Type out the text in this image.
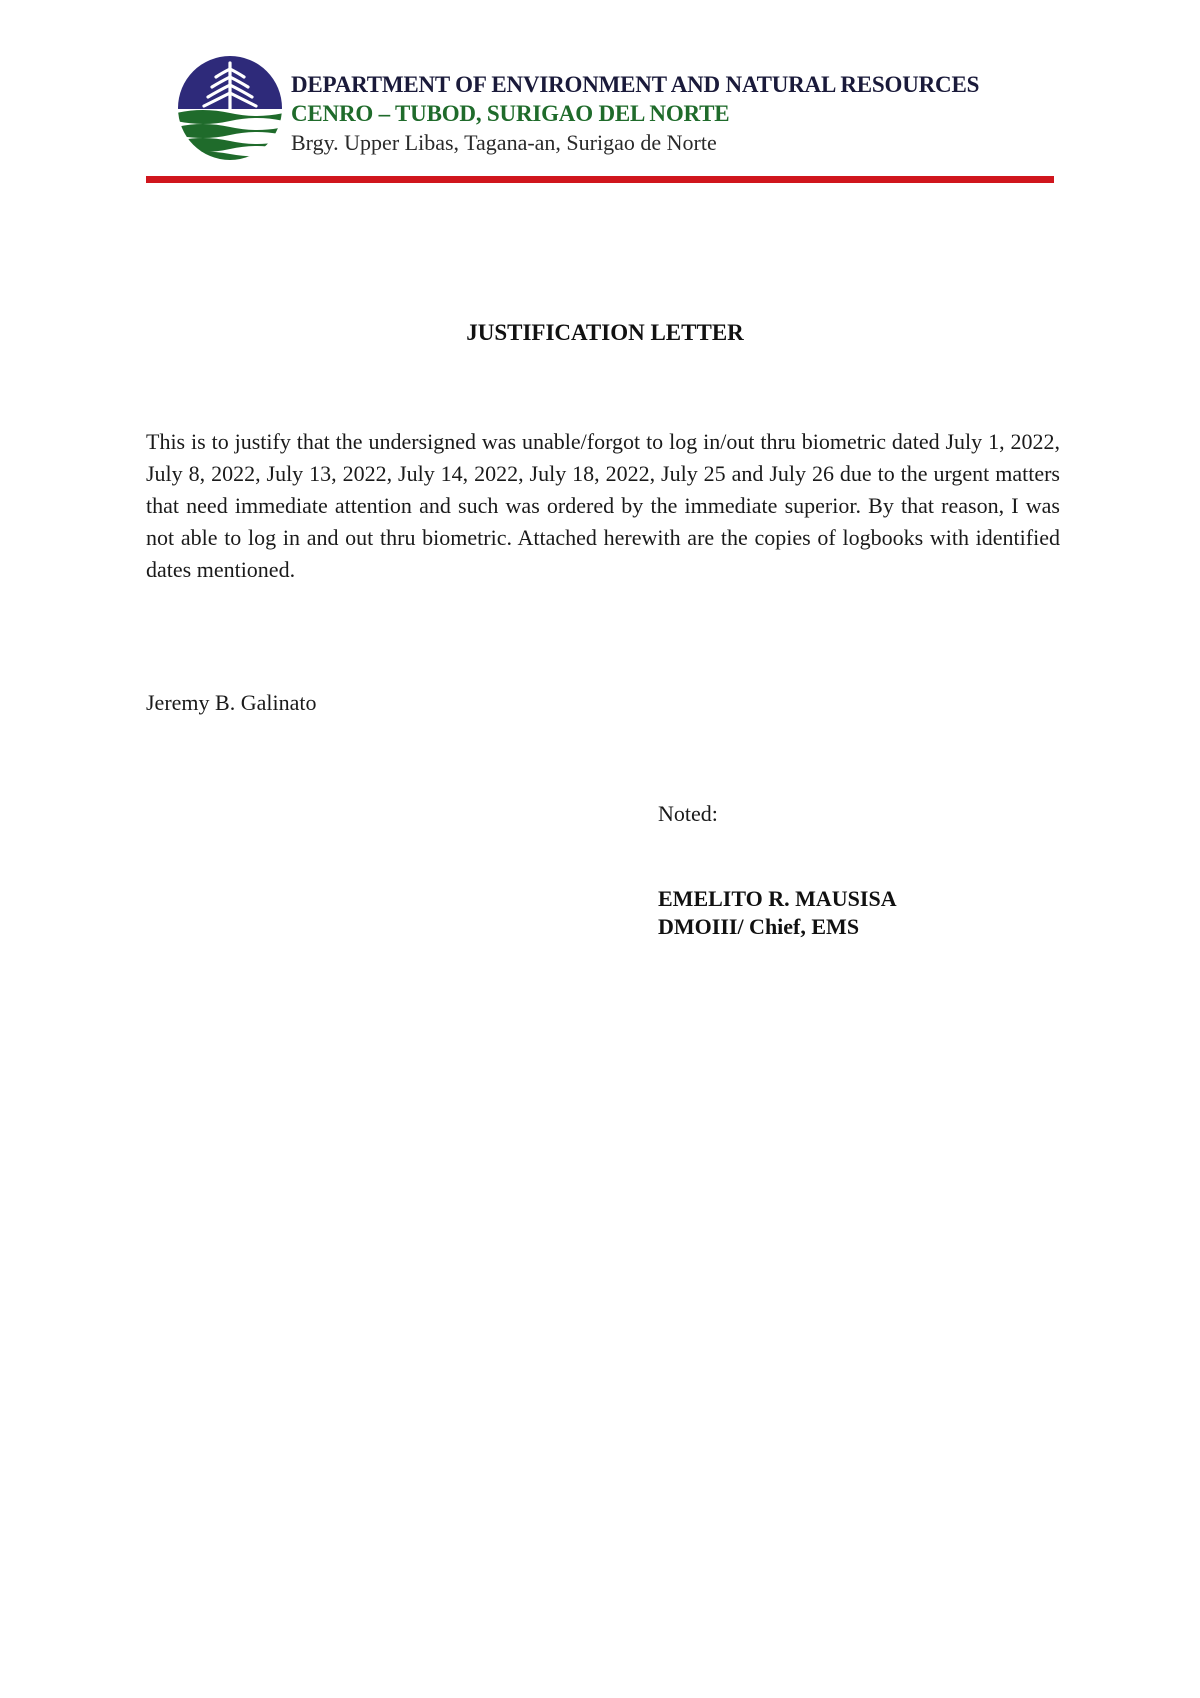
DEPARTMENT OF ENVIRONMENT AND NATURAL RESOURCES
CENRO – TUBOD, SURIGAO DEL NORTE
Brgy. Upper Libas, Tagana-an, Surigao de Norte
JUSTIFICATION LETTER
This is to justify that the undersigned was unable/forgot to log in/out thru biometric dated July 1, 2022, July 8, 2022, July 13, 2022, July 14, 2022, July 18, 2022, July 25 and July 26 due to the urgent matters that need immediate attention and such was ordered by the immediate superior. By that reason, I was not able to log in and out thru biometric. Attached herewith are the copies of logbooks with identified dates mentioned.
Jeremy B. Galinato
Noted:
EMELITO R. MAUSISA
DMOIII/ Chief, EMS
